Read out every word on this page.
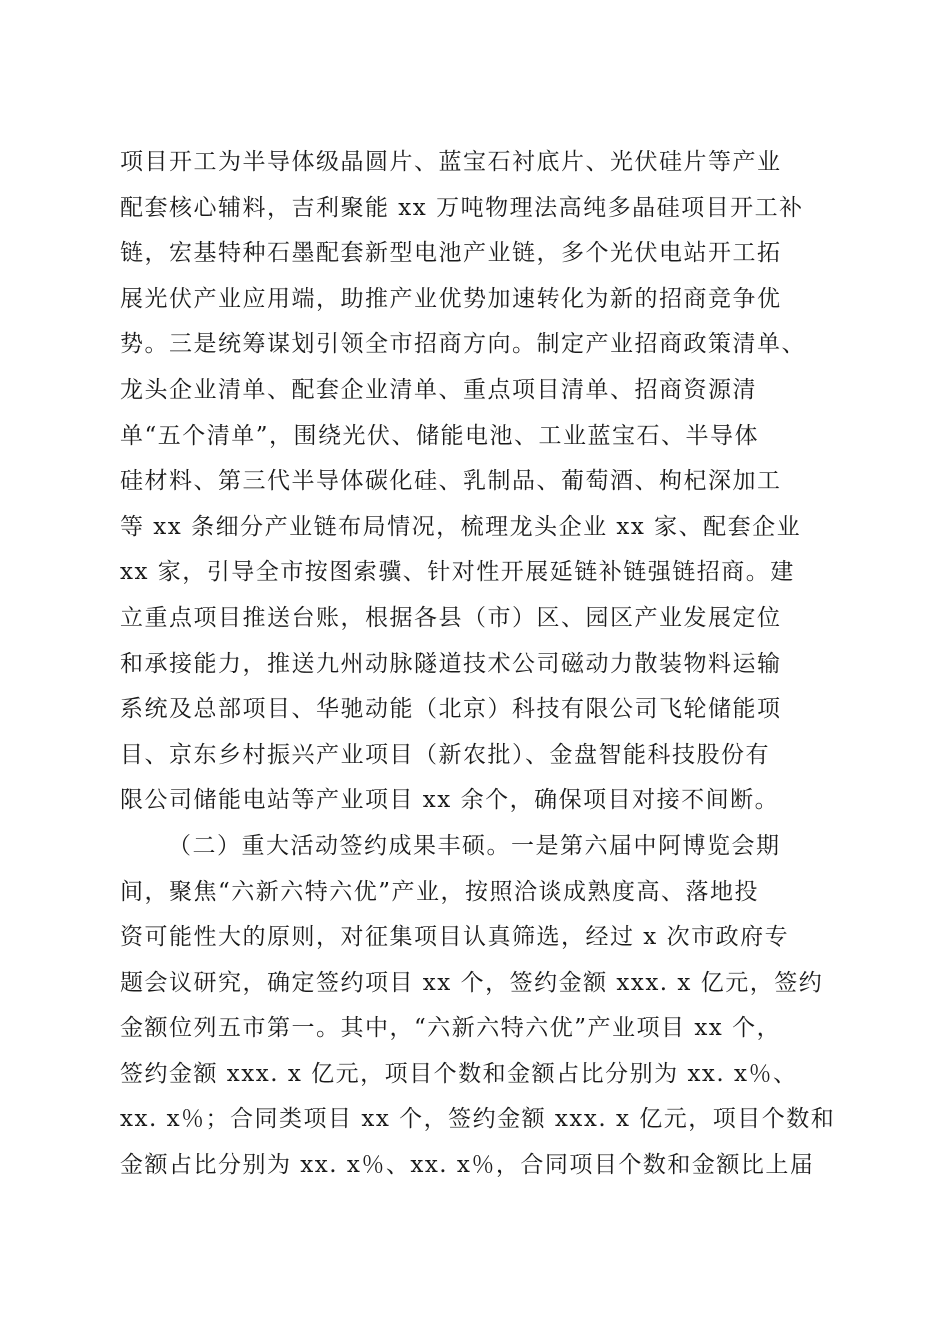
项目开工为半导体级晶圆片、蓝宝石衬底片、光伏硅片等产业
配套核心辅料，吉利聚能 xx 万吨物理法高纯多晶硅项目开工补
链，宏基特种石墨配套新型电池产业链，多个光伏电站开工拓
展光伏产业应用端，助推产业优势加速转化为新的招商竞争优
势。三是统筹谋划引领全市招商方向。制定产业招商政策清单、
龙头企业清单、配套企业清单、重点项目清单、招商资源清
单“五个清单”，围绕光伏、储能电池、工业蓝宝石、半导体
硅材料、第三代半导体碳化硅、乳制品、葡萄酒、枸杞深加工
等 xx 条细分产业链布局情况，梳理龙头企业 xx 家、配套企业
xx 家，引导全市按图索骥、针对性开展延链补链强链招商。建
立重点项目推送台账，根据各县（市）区、园区产业发展定位
和承接能力，推送九州动脉隧道技术公司磁动力散装物料运输
系统及总部项目、华驰动能（北京）科技有限公司飞轮储能项
目、京东乡村振兴产业项目（新农批）、金盘智能科技股份有
限公司储能电站等产业项目 xx 余个，确保项目对接不间断。
（二）重大活动签约成果丰硕。一是第六届中阿博览会期
间，聚焦“六新六特六优”产业，按照洽谈成熟度高、落地投
资可能性大的原则，对征集项目认真筛选，经过 x 次市政府专
题会议研究，确定签约项目 xx 个，签约金额 xxx. x 亿元，签约
金额位列五市第一。其中，“六新六特六优”产业项目 xx 个，
签约金额 xxx. x 亿元，项目个数和金额占比分别为 xx. x％、
xx. x％；合同类项目 xx 个，签约金额 xxx. x 亿元，项目个数和
金额占比分别为 xx. x％、xx. x％，合同项目个数和金额比上届
